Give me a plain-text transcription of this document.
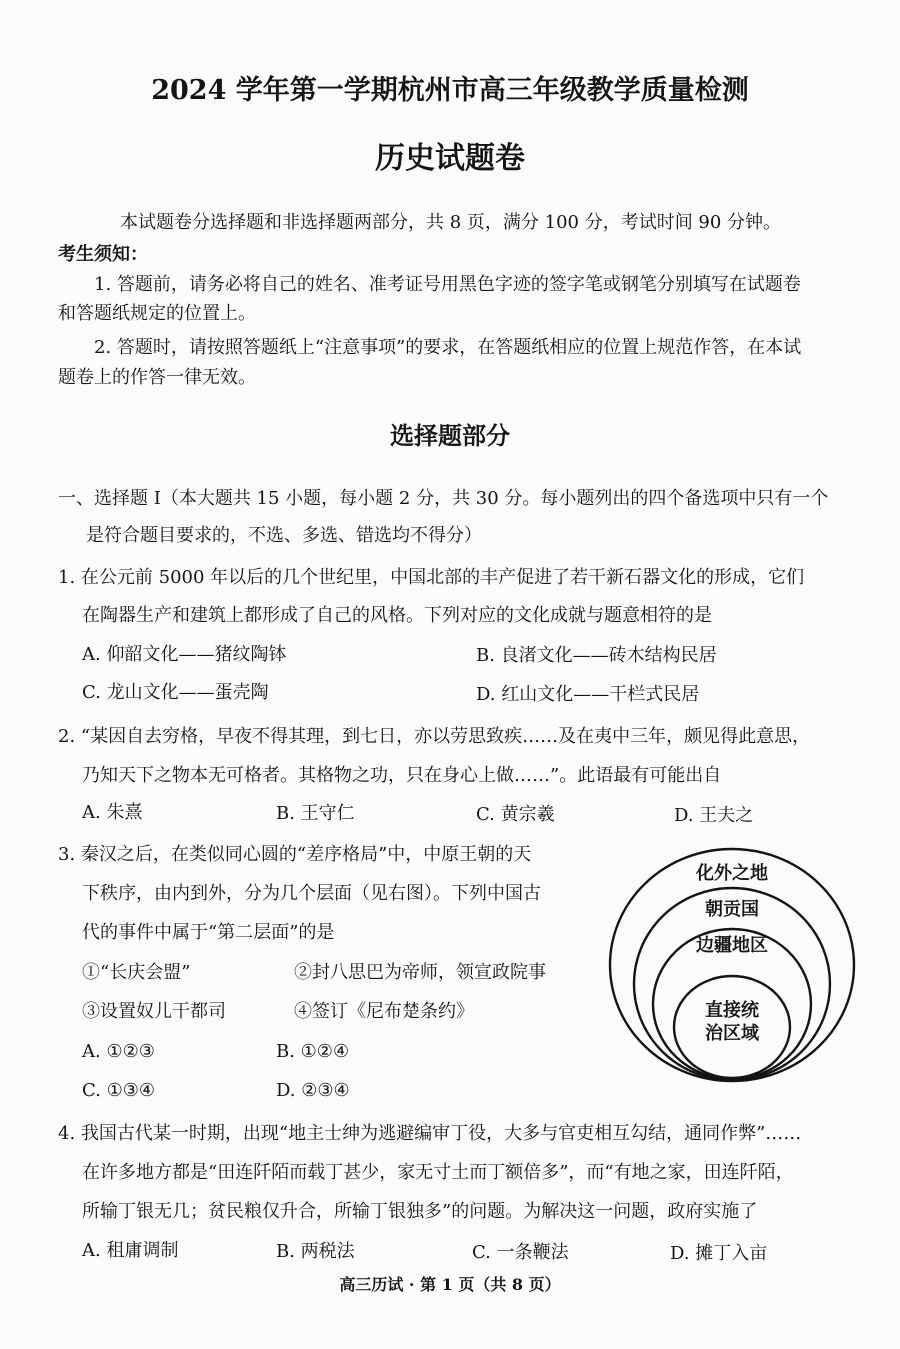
2024 学年第一学期杭州市高三年级教学质量检测
历史试题卷
本试题卷分选择题和非选择题两部分，共 8 页，满分 100 分，考试时间 90 分钟。
考生须知：
1. 答题前，请务必将自己的姓名、准考证号用黑色字迹的签字笔或钢笔分别填写在试题卷
和答题纸规定的位置上。
2. 答题时，请按照答题纸上“注意事项”的要求，在答题纸相应的位置上规范作答，在本试
题卷上的作答一律无效。
选择题部分
一、选择题 Ⅰ（本大题共 15 小题，每小题 2 分，共 30 分。每小题列出的四个备选项中只有一个
是符合题目要求的，不选、多选、错选均不得分）
1. 在公元前 5000 年以后的几个世纪里，中国北部的丰产促进了若干新石器文化的形成，它们
在陶器生产和建筑上都形成了自己的风格。下列对应的文化成就与题意相符的是
A. 仰韶文化——猪纹陶钵	B. 良渚文化——砖木结构民居
C. 龙山文化——蛋壳陶	D. 红山文化——干栏式民居
2. “某因自去穷格，早夜不得其理，到七日，亦以劳思致疾……及在夷中三年，颇见得此意思，
乃知天下之物本无可格者。其格物之功，只在身心上做……”。此语最有可能出自
A. 朱熹	B. 王守仁	C. 黄宗羲	D. 王夫之
3. 秦汉之后，在类似同心圆的“差序格局”中，中原王朝的天
下秩序，由内到外，分为几个层面（见右图）。下列中国古
代的事件中属于“第二层面”的是
①“长庆会盟”	②封八思巴为帝师，领宣政院事
③设置奴儿干都司	④签订《尼布楚条约》
A. ①②③	B. ①②④
C. ①③④	D. ②③④
化外之地
朝贡国
边疆地区
直接统
治区域
4. 我国古代某一时期，出现“地主士绅为逃避编审丁役，大多与官吏相互勾结，通同作弊”……
在许多地方都是“田连阡陌而载丁甚少，家无寸土而丁额倍多”，而“有地之家，田连阡陌，
所输丁银无几；贫民粮仅升合，所输丁银独多”的问题。为解决这一问题，政府实施了
A. 租庸调制	B. 两税法	C. 一条鞭法	D. 摊丁入亩
高三历试 · 第 1 页（共 8 页）
